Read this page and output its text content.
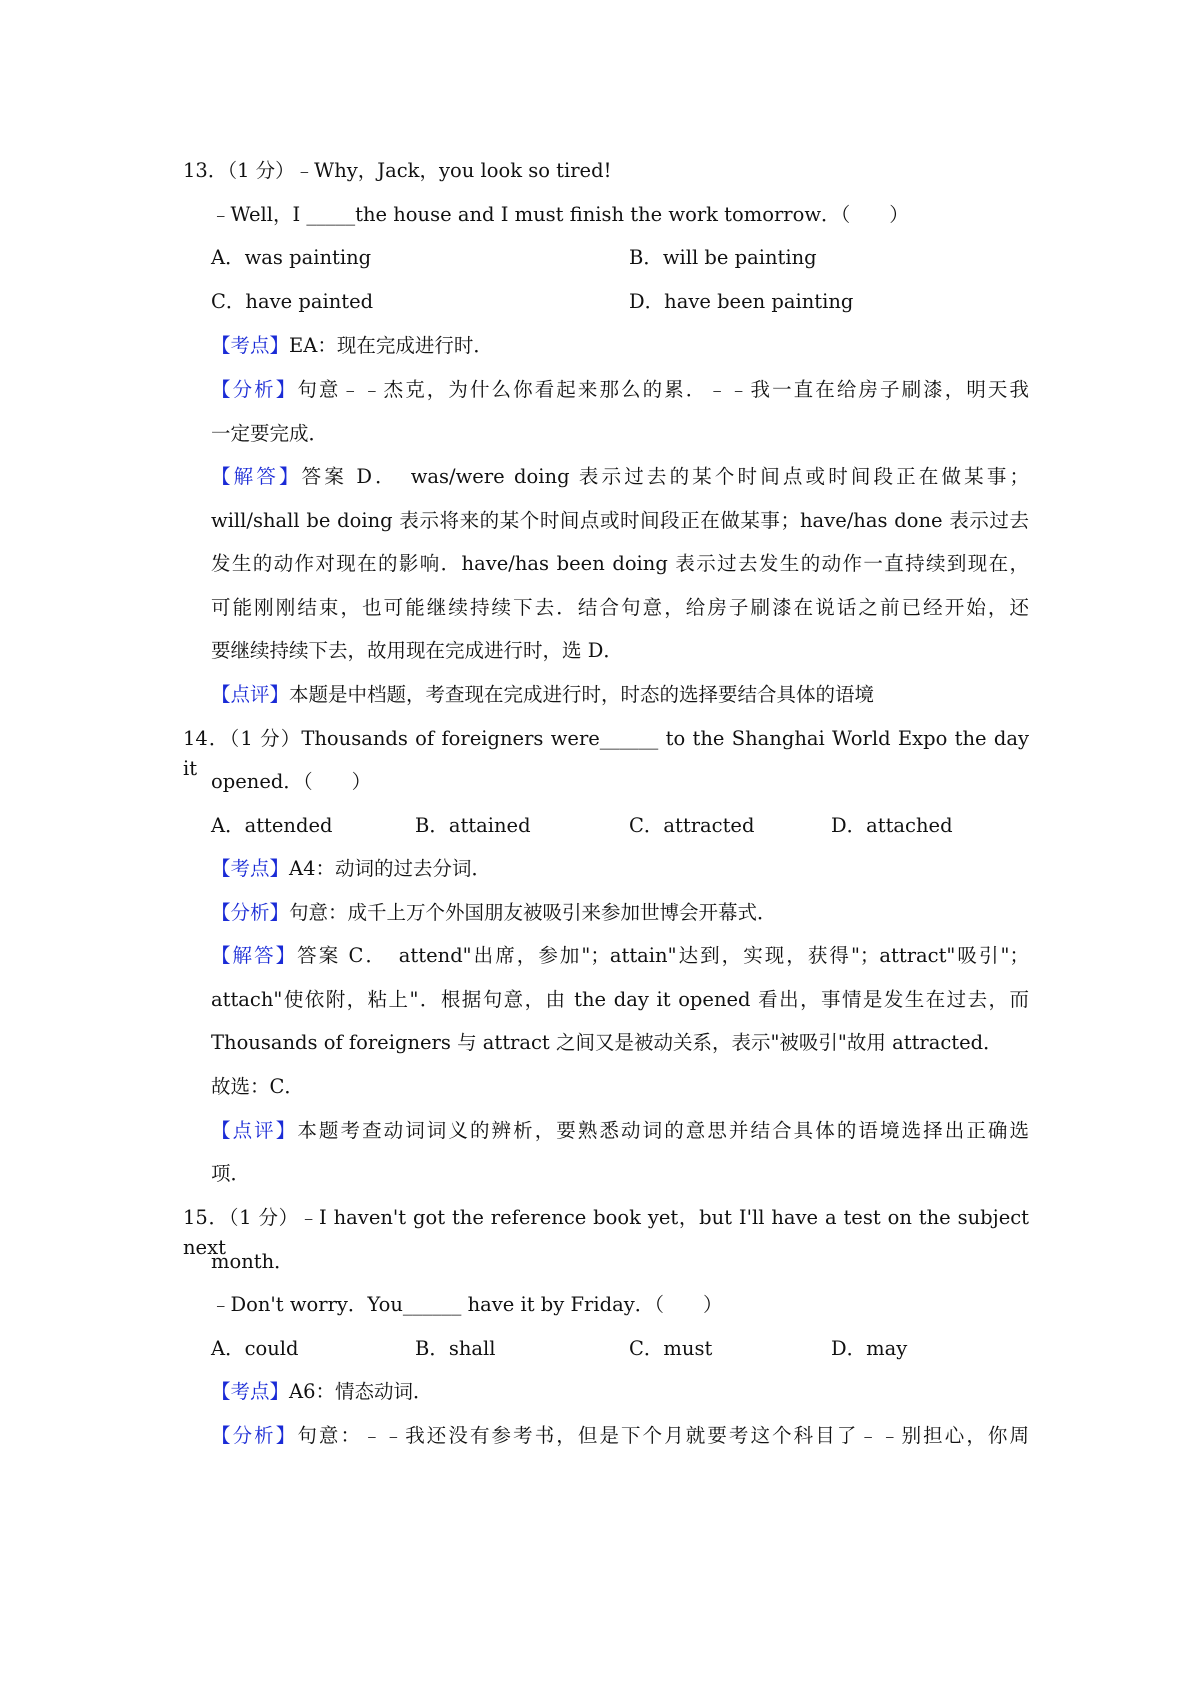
13．（1 分）﹣Why，Jack，you look so tired!
﹣Well，I _____the house and I must finish the work tomorrow．（　　）
A．was painting	B．will be painting
C．have painted	D．have been painting
【考点】EA：现在完成进行时．
【分析】句意﹣﹣杰克，为什么你看起来那么的累．﹣﹣我一直在给房子刷漆，明天我
一定要完成．
【解答】答案 D．　was/were doing 表示过去的某个时间点或时间段正在做某事；
will/shall be doing 表示将来的某个时间点或时间段正在做某事；have/has done 表示过去
发生的动作对现在的影响．have/has been doing 表示过去发生的动作一直持续到现在，
可能刚刚结束，也可能继续持续下去．结合句意，给房子刷漆在说话之前已经开始，还
要继续持续下去，故用现在完成进行时，选 D．
【点评】本题是中档题，考查现在完成进行时，时态的选择要结合具体的语境
14．（1 分）Thousands of foreigners were______ to the Shanghai World Expo the day it
opened．（　　）
A．attended	B．attained	C．attracted	D．attached
【考点】A4：动词的过去分词．
【分析】句意：成千上万个外国朋友被吸引来参加世博会开幕式．
【解答】答案 C．　attend"出席，参加"；attain"达到，实现，获得"；attract"吸引"；
attach"使依附，粘上"．根据句意，由 the day it opened 看出，事情是发生在过去，而
Thousands of foreigners 与 attract 之间又是被动关系，表示"被吸引"故用 attracted．
故选：C．
【点评】本题考查动词词义的辨析，要熟悉动词的意思并结合具体的语境选择出正确选
项．
15．（1 分）﹣I haven't got the reference book yet，but I'll have a test on the subject next
month．
﹣Don't worry．You______ have it by Friday．（　　）
A．could	B．shall	C．must	D．may
【考点】A6：情态动词．
【分析】句意：﹣﹣我还没有参考书，但是下个月就要考这个科目了﹣﹣别担心，你周
